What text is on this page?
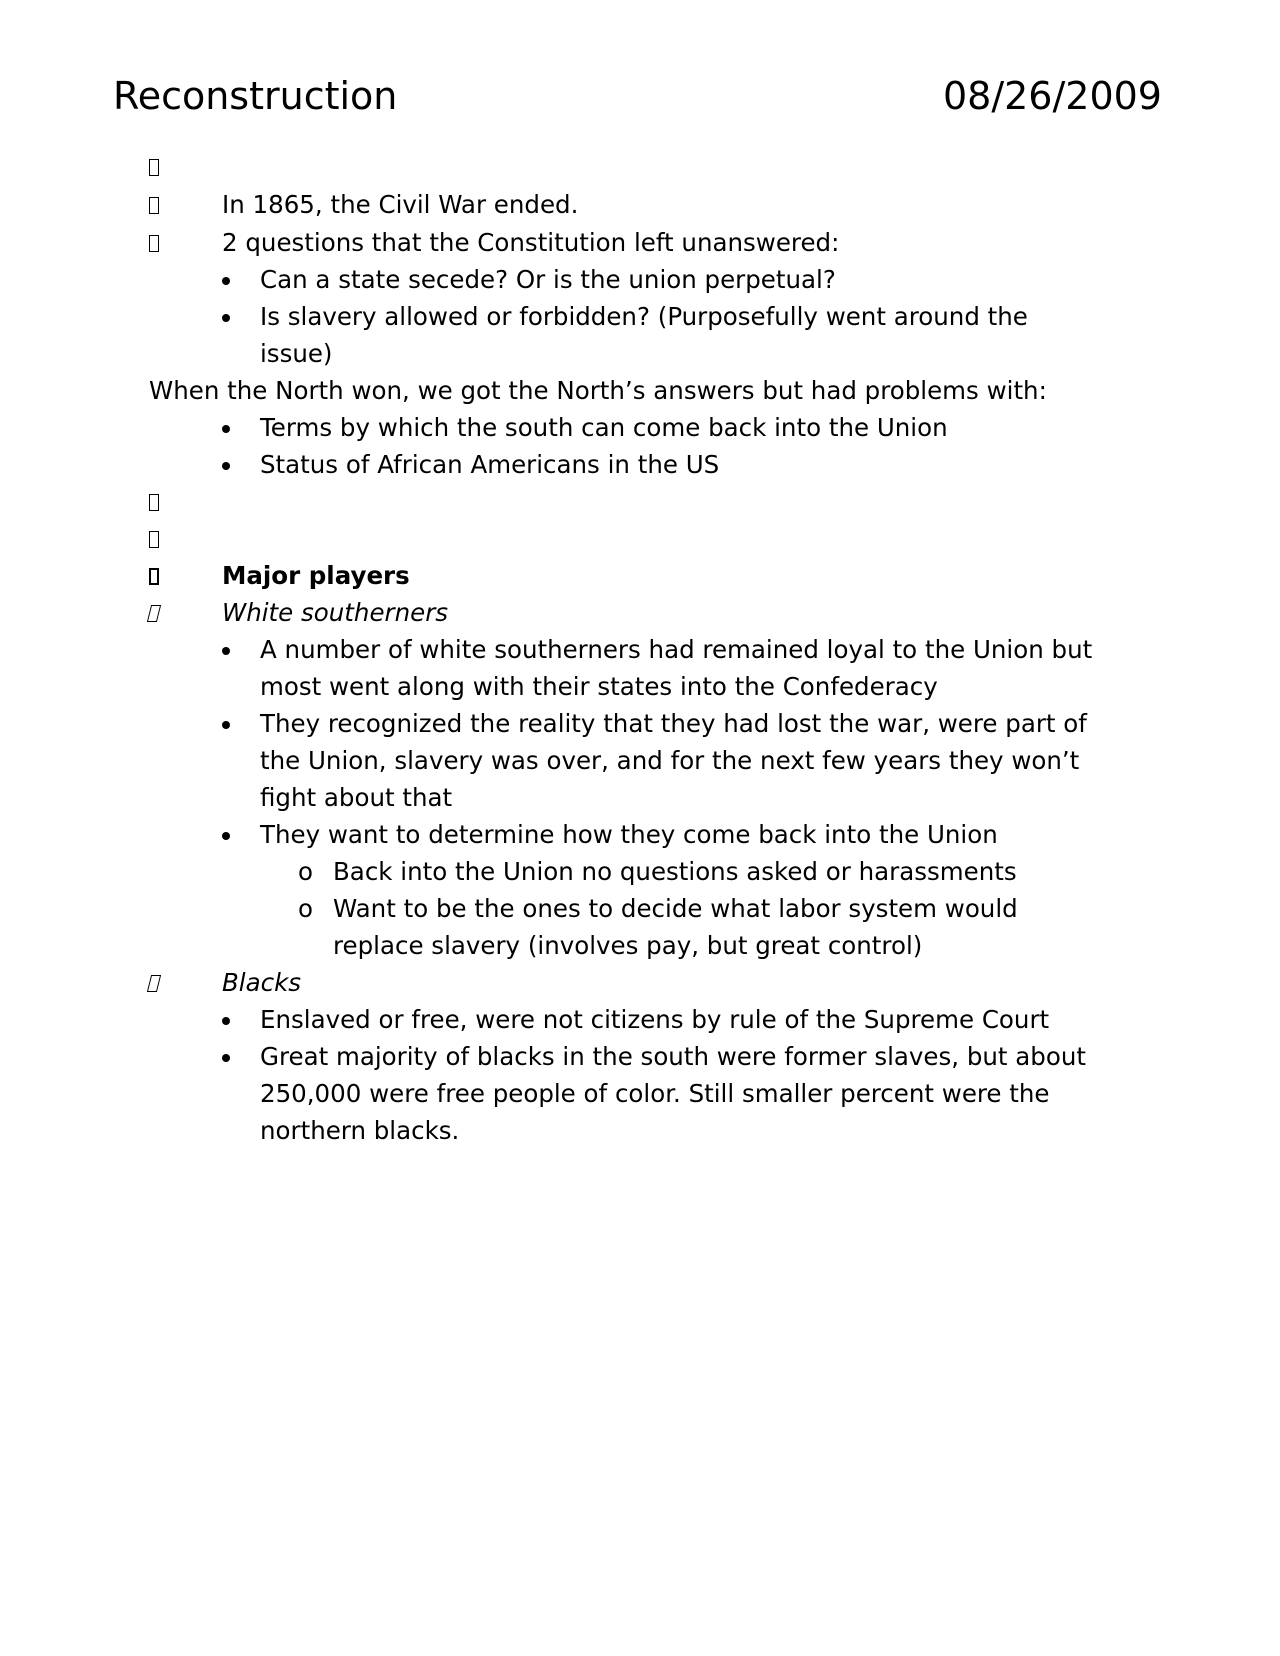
Reconstruction	08/26/2009
In 1865, the Civil War ended.
2 questions that the Constitution left unanswered:
Can a state secede? Or is the union perpetual?
Is slavery allowed or forbidden? (Purposefully went around the
issue)
When the North won, we got the North’s answers but had problems with:
Terms by which the south can come back into the Union
Status of African Americans in the US
Major players
White southerners
A number of white southerners had remained loyal to the Union but
most went along with their states into the Confederacy
They recognized the reality that they had lost the war, were part of
the Union, slavery was over, and for the next few years they won’t
fight about that
They want to determine how they come back into the Union
o Back into the Union no questions asked or harassments
o Want to be the ones to decide what labor system would
replace slavery (involves pay, but great control)
Blacks
Enslaved or free, were not citizens by rule of the Supreme Court
Great majority of blacks in the south were former slaves, but about
250,000 were free people of color. Still smaller percent were the
northern blacks.
